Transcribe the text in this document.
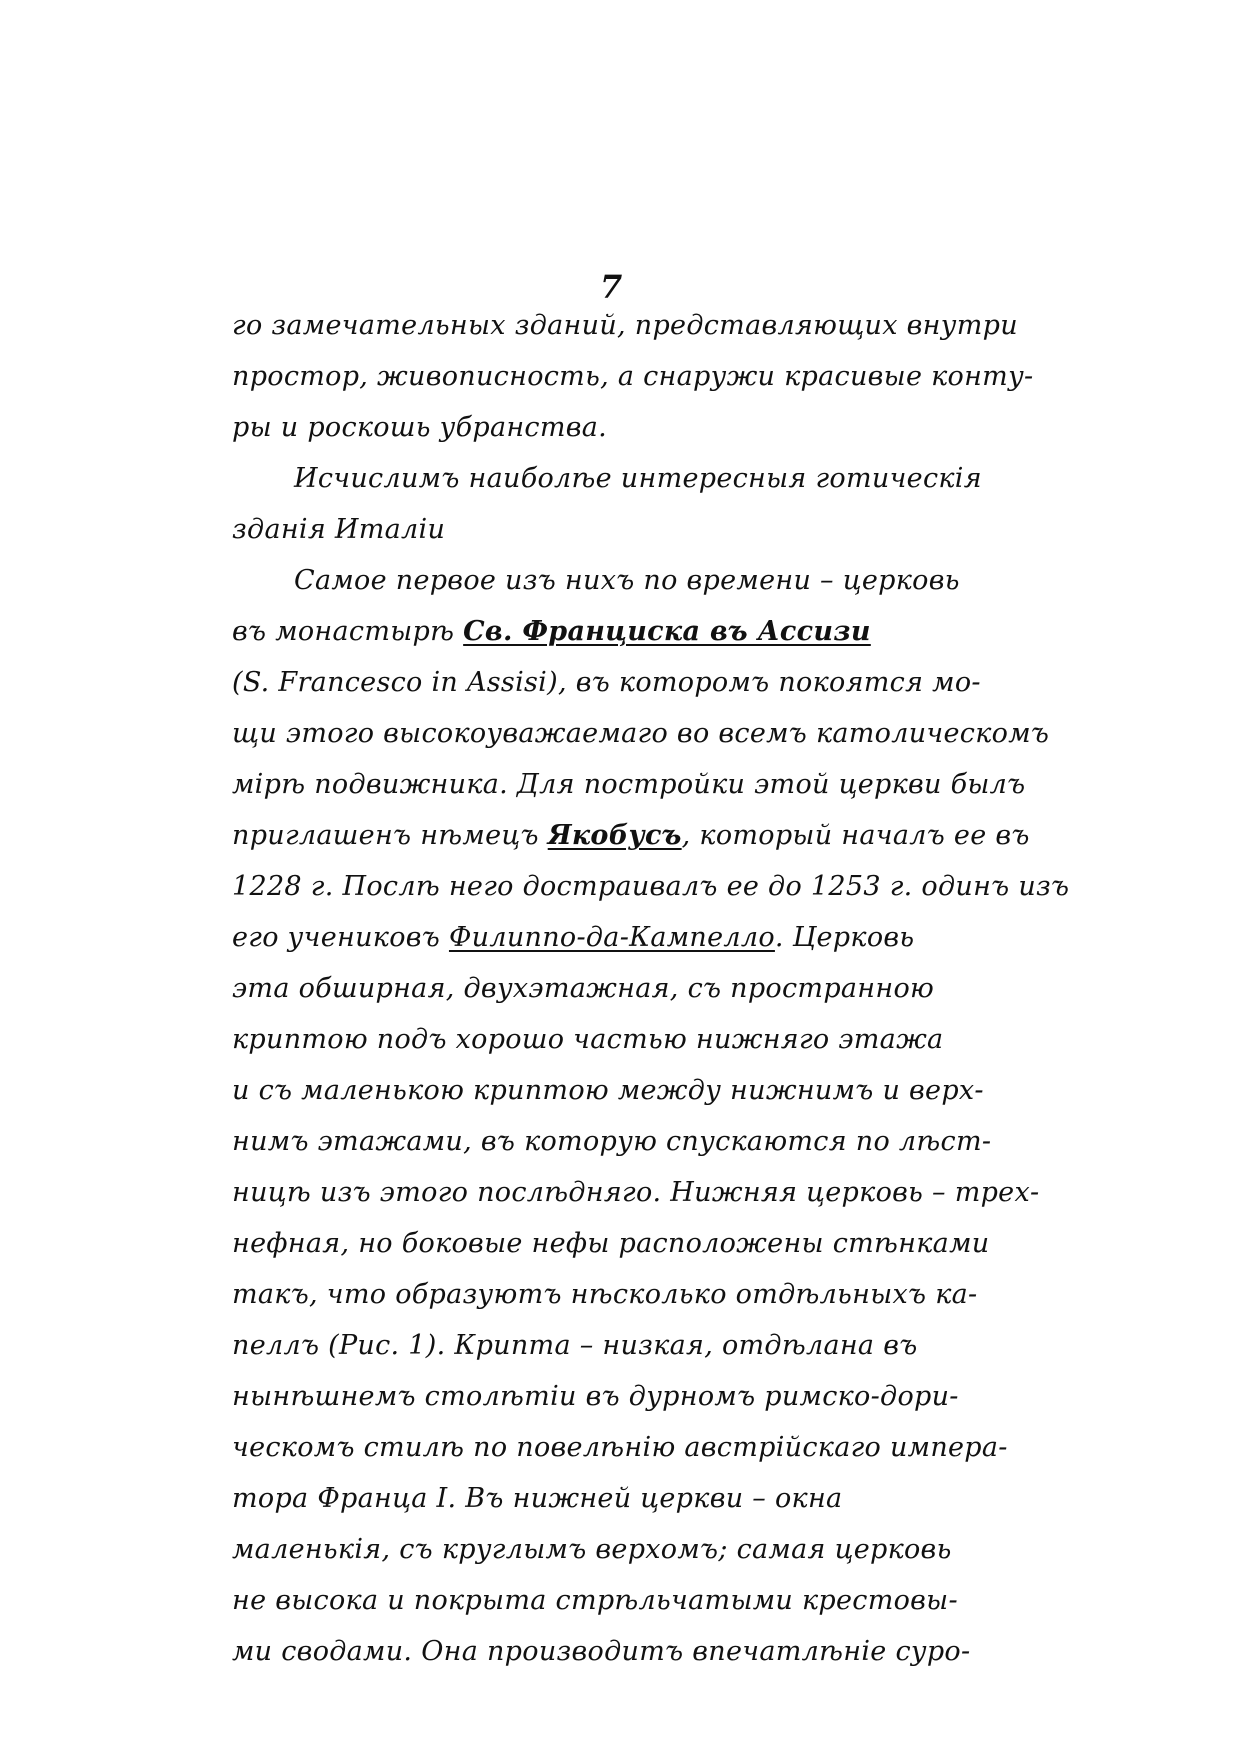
7
го замечательных зданий, представляющих внутри
простор, живописность, а снаружи красивые конту-
ры и роскошь убранства.
Исчислимъ наиболѣе интересныя готическія
зданія Италіи
Самое первое изъ нихъ по времени – церковь
въ монастырѣ Св. Франциска въ Ассизи
(S. Francesco in Assisi), въ которомъ покоятся мо-
щи этого высокоуважаемаго во всемъ католическомъ
мірѣ подвижника. Для постройки этой церкви былъ
приглашенъ нѣмецъ Якобусъ, который началъ ее въ
1228 г. Послѣ него достраивалъ ее до 1253 г. одинъ изъ
его учениковъ Филиппо-да-Кампелло. Церковь
эта обширная, двухэтажная, съ пространною
криптою подъ хорошо частью нижняго этажа
и съ маленькою криптою между нижнимъ и верх-
нимъ этажами, въ которую спускаются по лѣст-
ницѣ изъ этого послѣдняго. Нижняя церковь – трех-
нефная, но боковые нефы расположены стѣнками
такъ, что образуютъ нѣсколько отдѣльныхъ ка-
пеллъ (Рис. 1). Крипта – низкая, отдѣлана въ
нынѣшнемъ столѣтіи въ дурномъ римско-дори-
ческомъ стилѣ по повелѣнію австрійскаго импера-
тора Франца I. Въ нижней церкви – окна
маленькія, съ круглымъ верхомъ; самая церковь
не высока и покрыта стрѣльчатыми крестовы-
ми сводами. Она производитъ впечатлѣніе суро-
